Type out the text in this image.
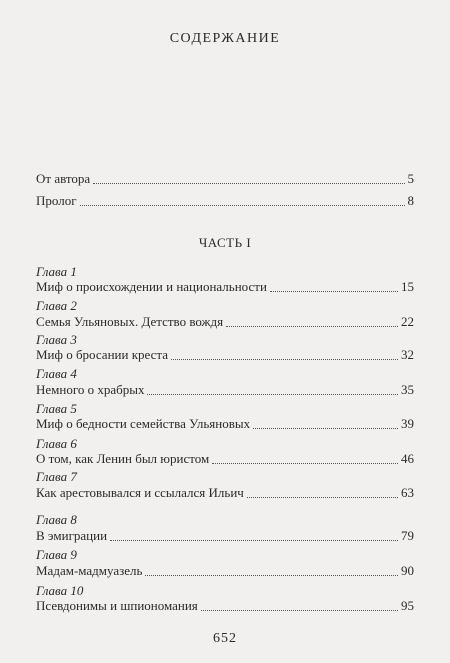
СОДЕРЖАНИЕ
От автора	5
Пролог	8
ЧАСТЬ I
Глава 1
Миф о происхождении и национальности	15
Глава 2
Семья Ульяновых. Детство вождя	22
Глава 3
Миф о бросании креста	32
Глава 4
Немного о храбрых	35
Глава 5
Миф о бедности семейства Ульяновых	39
Глава 6
О том, как Ленин был юристом	46
Глава 7
Как арестовывался и ссылался Ильич	63
Глава 8
В эмиграции	79
Глава 9
Мадам-мадмуазель	90
Глава 10
Псевдонимы и шпиономания	95
652
